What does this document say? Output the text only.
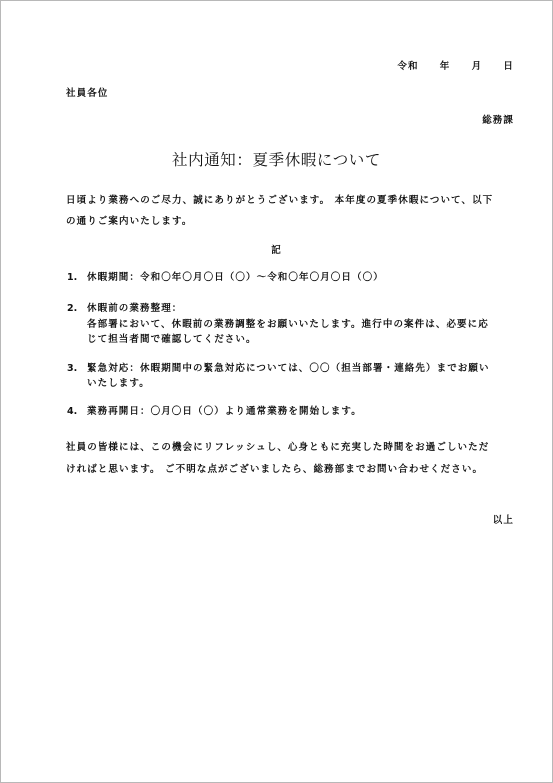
令和　　年　　月　　日
社員各位
総務課
社内通知：夏季休暇について
日頃より業務へのご尽力、誠にありがとうございます。 本年度の夏季休暇について、以下
の通りご案内いたします。
記
1. 休暇期間：令和〇年〇月〇日（〇）～令和〇年〇月〇日（〇）
2. 休暇前の業務整理：
各部署において、休暇前の業務調整をお願いいたします。進行中の案件は、必要に応
じて担当者間で確認してください。
3. 緊急対応：休暇期間中の緊急対応については、〇〇（担当部署・連絡先）までお願い
いたします。
4. 業務再開日：〇月〇日（〇）より通常業務を開始します。
社員の皆様には、この機会にリフレッシュし、心身ともに充実した時間をお過ごしいただ
ければと思います。 ご不明な点がございましたら、総務部までお問い合わせください。
以上
